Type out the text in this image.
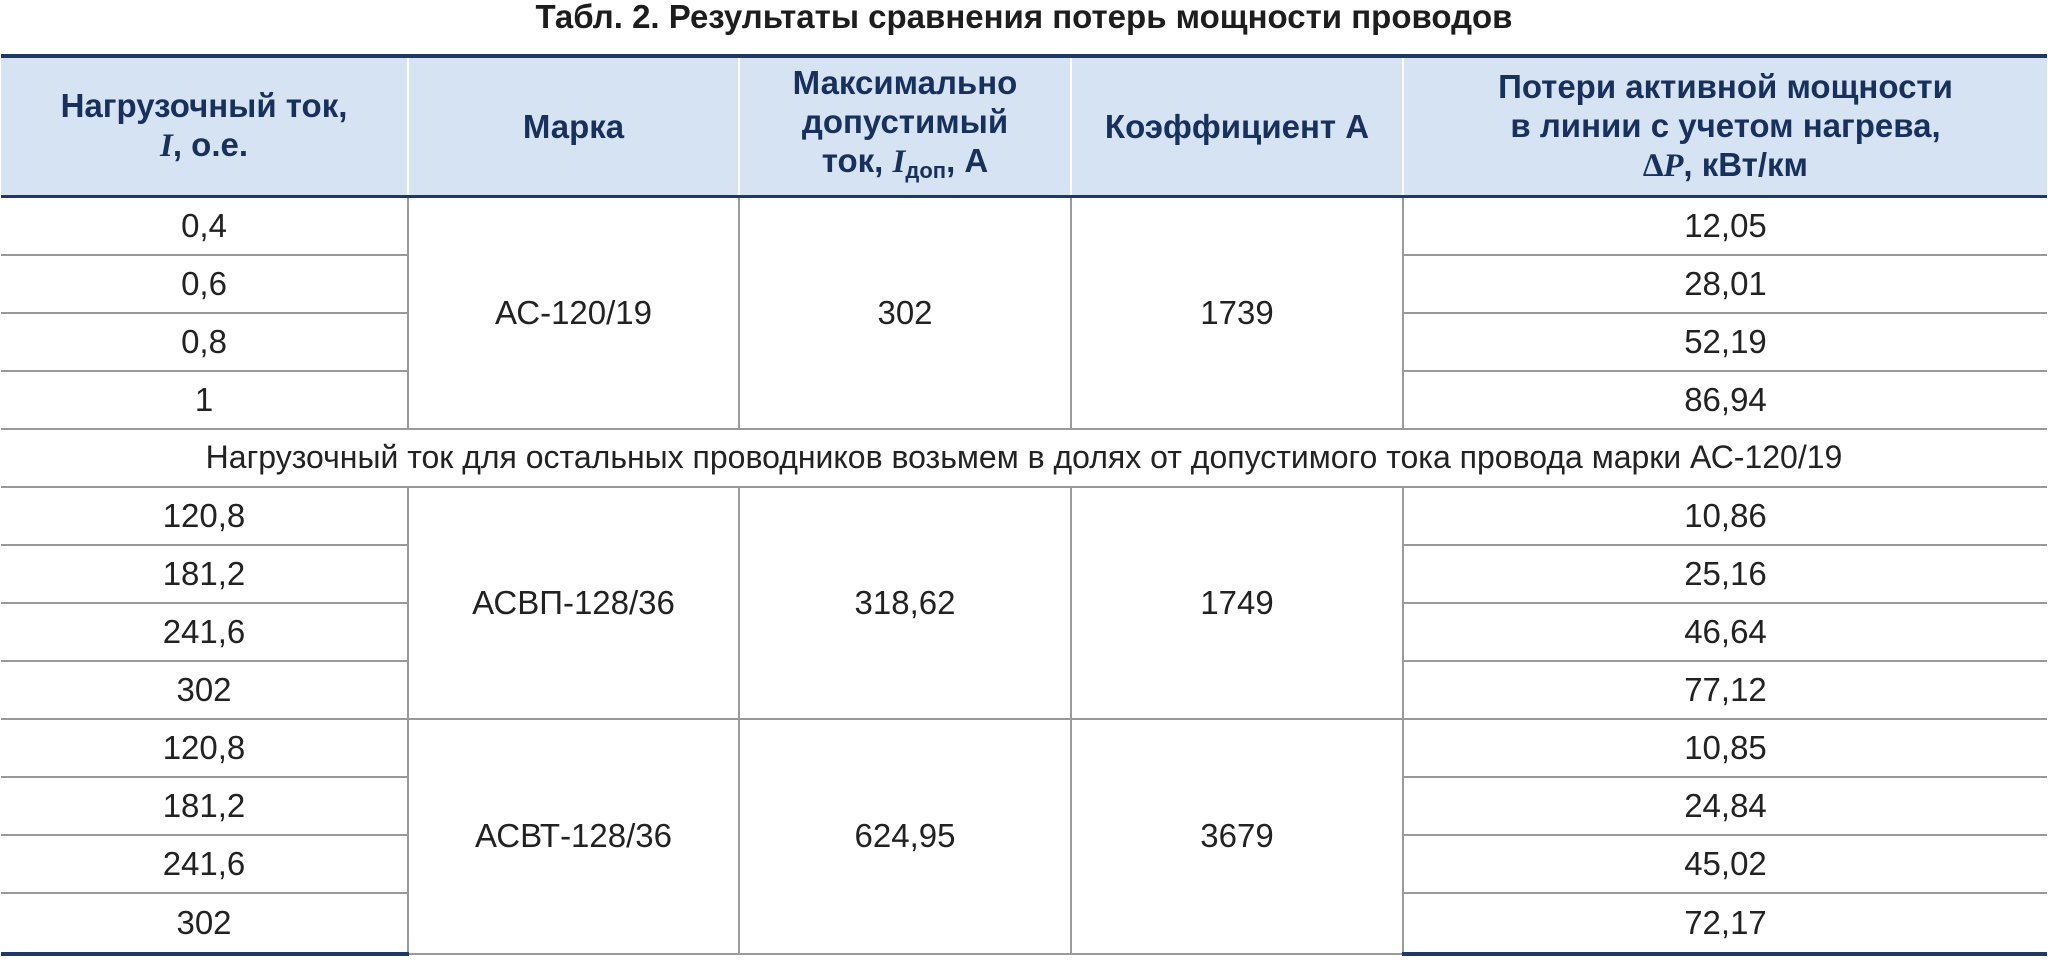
Табл. 2. Результаты сравнения потерь мощности проводов
Нагрузочный ток,
I, о.е.	Марка	Максимально
допустимый
ток, $I_{доп}$, А	Коэффициент А	Потери активной мощности
в линии с учетом нагрева,
∆P, кВт/км
0,4	АС-120/19	302	1739	12,05
0,6				28,01
0,8				52,19
1				86,94
Нагрузочный ток для остальных проводников возьмем в долях от допустимого тока провода марки АС-120/19				
120,8	АСВП-128/36	318,62	1749	10,86
181,2				25,16
241,6				46,64
302				77,12
120,8	АСВТ-128/36	624,95	3679	10,85
181,2				24,84
241,6				45,02
302				72,17
